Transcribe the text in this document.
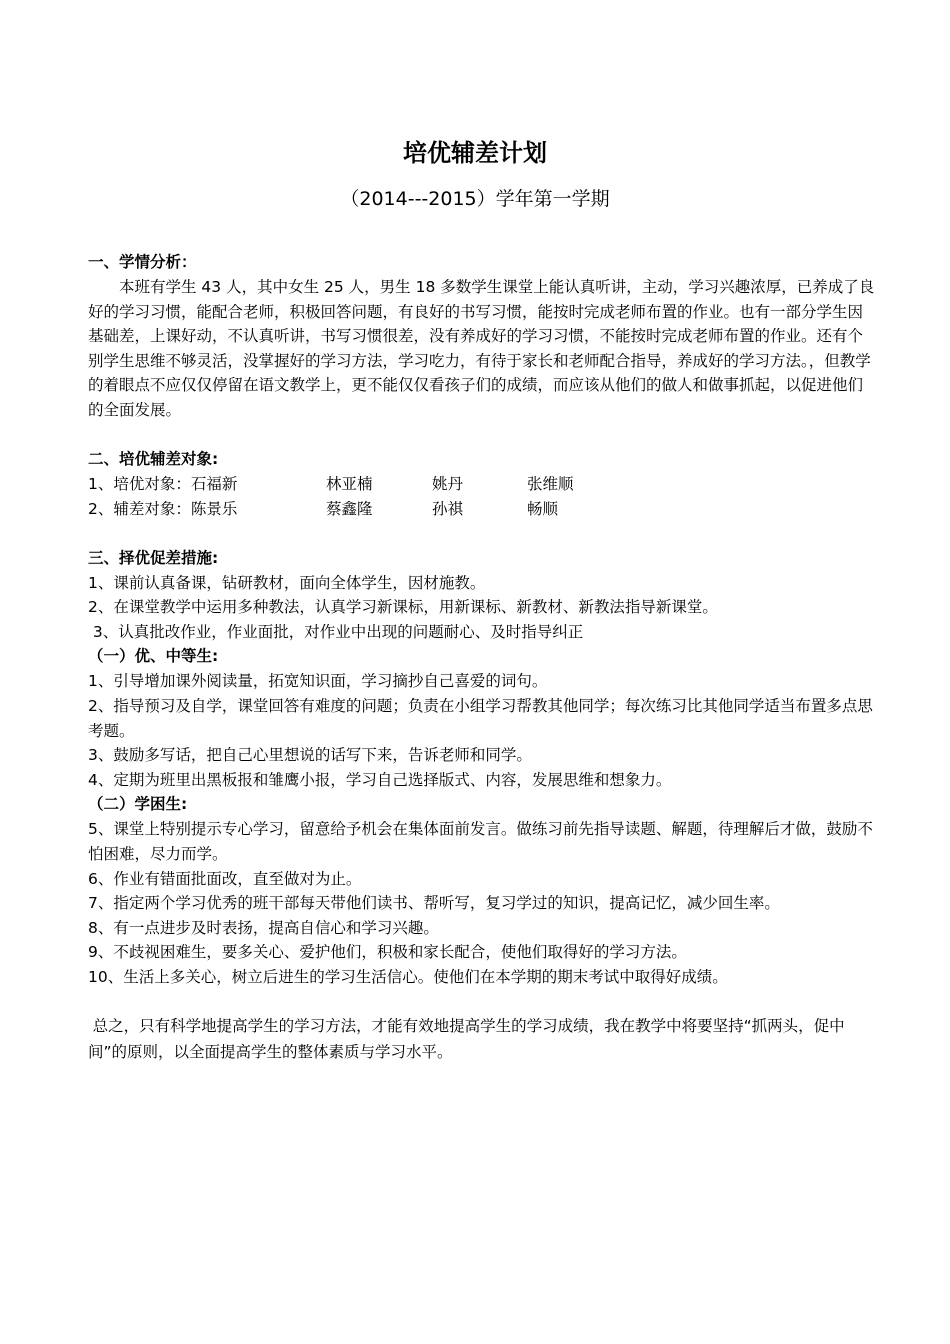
培优辅差计划
（2014---2015）学年第一学期
一、学情分析：

本班有学生 43 人，其中女生 25 人，男生 18 多数学生课堂上能认真听讲，主动，学习兴趣浓厚，已养成了良好的学习习惯，能配合老师，积极回答问题，有良好的书写习惯，能按时完成老师布置的作业。也有一部分学生因基础差，上课好动，不认真听讲，书写习惯很差，没有养成好的学习习惯，不能按时完成老师布置的作业。还有个别学生思维不够灵活，没掌握好的学习方法，学习吃力，有待于家长和老师配合指导，养成好的学习方法。，但教学的着眼点不应仅仅停留在语文教学上，更不能仅仅看孩子们的成绩，而应该从他们的做人和做事抓起，以促进他们的全面发展。

二、培优辅差对象:
1、培优对象：石福新	林亚楠	姚丹	张维顺
2、辅差对象：陈景乐	蔡鑫隆	孙祺	畅顺
三、择优促差措施:
1、课前认真备课，钻研教材，面向全体学生，因材施教。
2、在课堂教学中运用多种教法，认真学习新课标，用新课标、新教材、新教法指导新课堂。
3、认真批改作业，作业面批，对作业中出现的问题耐心、及时指导纠正
（一）优、中等生:
1、引导增加课外阅读量，拓宽知识面，学习摘抄自己喜爱的词句。
2、指导预习及自学，课堂回答有难度的问题；负责在小组学习帮教其他同学；每次练习比其他同学适当布置多点思考题。
3、鼓励多写话，把自己心里想说的话写下来，告诉老师和同学。
4、定期为班里出黑板报和雏鹰小报，学习自己选择版式、内容，发展思维和想象力。
（二）学困生:
5、课堂上特别提示专心学习，留意给予机会在集体面前发言。做练习前先指导读题、解题，待理解后才做，鼓励不怕困难，尽力而学。
6、作业有错面批面改，直至做对为止。
7、指定两个学习优秀的班干部每天带他们读书、帮听写，复习学过的知识，提高记忆，减少回生率。
8、有一点进步及时表扬，提高自信心和学习兴趣。
9、不歧视困难生，要多关心、爱护他们，积极和家长配合，使他们取得好的学习方法。
10、生活上多关心，树立后进生的学习生活信心。使他们在本学期的期末考试中取得好成绩。

总之，只有科学地提高学生的学习方法，才能有效地提高学生的学习成绩，我在教学中将要坚持“抓两头，促中间”的原则，以全面提高学生的整体素质与学习水平。
